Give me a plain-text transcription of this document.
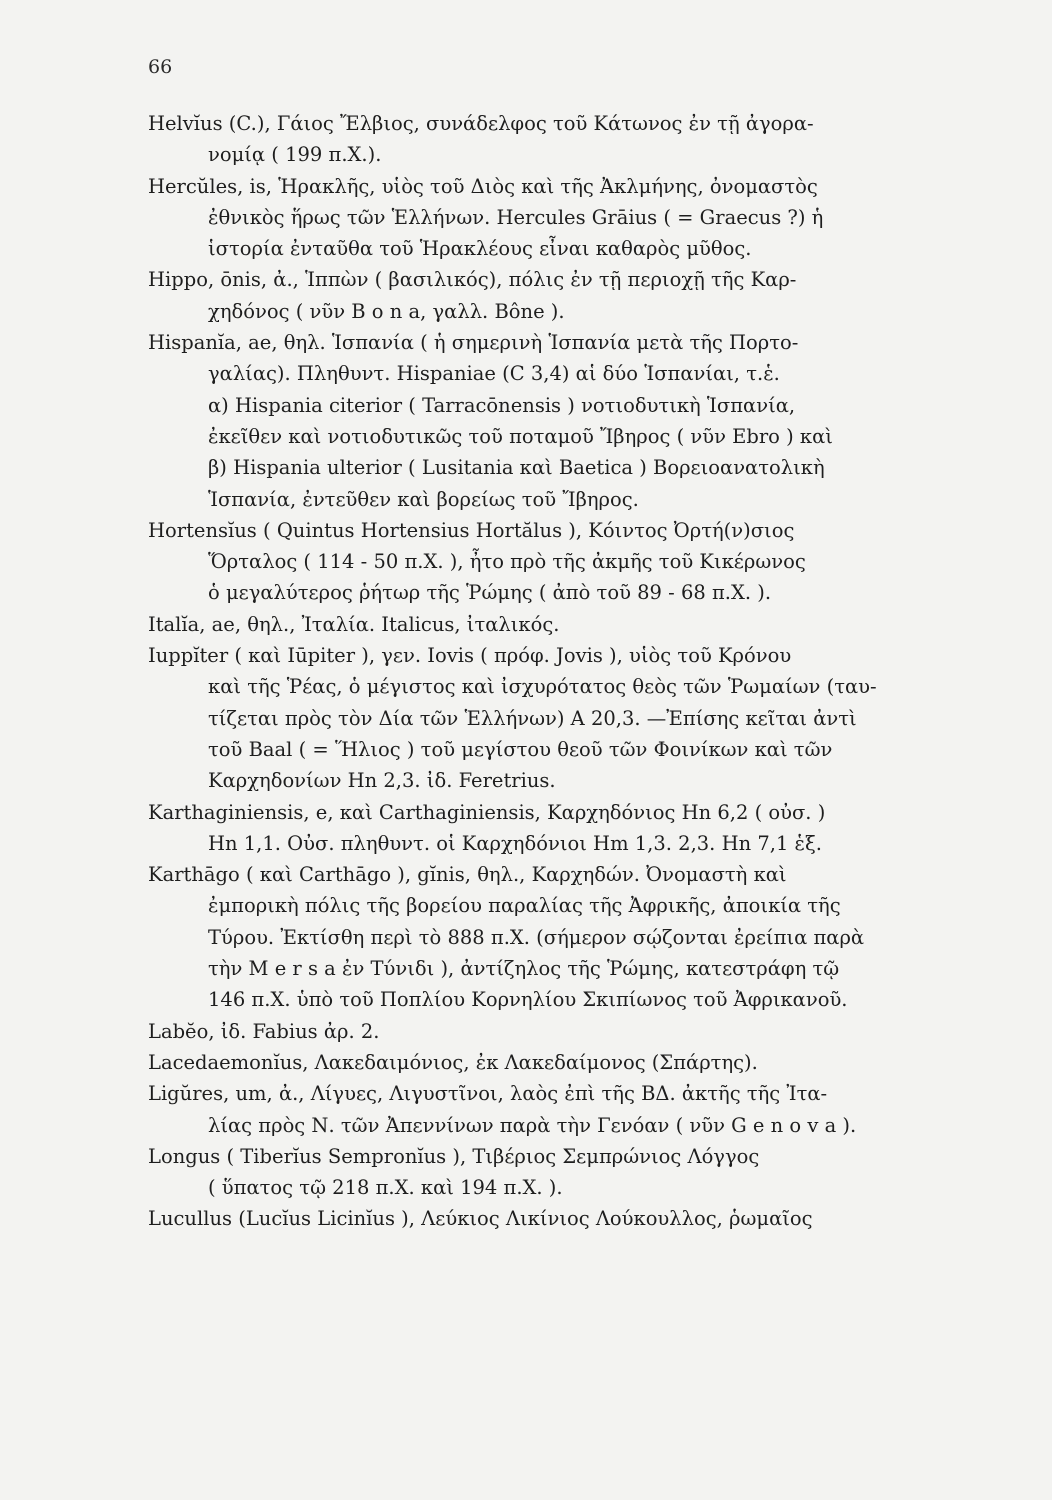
66
Helvĭus (C.), Γάιος Ἔλβιος, συνάδελφος τοῦ Κάτωνος ἐν τῇ ἀγορα-
νομίᾳ ( 199 π.Χ.).
Hercŭles, is, Ἡρακλῆς, υἱὸς τοῦ Διὸς καὶ τῆς Ἀκλμήνης, ὀνομαστὸς
ἐθνικὸς ἥρως τῶν Ἑλλήνων. Hercules Grāius ( = Graecus ?) ἡ
ἱστορία ἐνταῦθα τοῦ Ἡρακλέους εἶναι καθαρὸς μῦθος.
Hippo, ōnis, ἀ., Ἱππὼν ( βασιλικός), πόλις ἐν τῇ περιοχῇ τῆς Καρ-
χηδόνος ( νῦν B o n a, γαλλ. Bône ).
Hispanĭa, ae, θηλ. Ἱσπανία ( ἡ σημερινὴ Ἱσπανία μετὰ τῆς Πορτο-
γαλίας). Πληθυντ. Hispaniae (C 3,4) αἱ δύο Ἱσπανίαι, τ.ἑ.
α) Hispania citerior ( Tarracōnensis ) νοτιοδυτικὴ Ἱσπανία,
ἐκεῖθεν καὶ νοτιοδυτικῶς τοῦ ποταμοῦ Ἴβηρος ( νῦν Ebro ) καὶ
β) Hispania ulterior ( Lusitania καὶ Baetica ) Βορειοανατολικὴ
Ἱσπανία, ἐντεῦθεν καὶ βορείως τοῦ Ἴβηρος.
Hortensĭus ( Quintus Hortensius Hortălus ), Κόιντος Ὀρτή(ν)σιος
Ὅρταλος ( 114 - 50 π.Χ. ), ἦτο πρὸ τῆς ἀκμῆς τοῦ Κικέρωνος
ὁ μεγαλύτερος ῥήτωρ τῆς Ῥώμης ( ἀπὸ τοῦ 89 - 68 π.Χ. ).
Italĭa, ae, θηλ., Ἰταλία. Italicus, ἰταλικός.
Iuppĭter ( καὶ Iūpiter ), γεν. Iovis ( πρόφ. Jovis ), υἱὸς τοῦ Κρόνου
καὶ τῆς Ῥέας, ὁ μέγιστος καὶ ἰσχυρότατος θεὸς τῶν Ῥωμαίων (ταυ-
τίζεται πρὸς τὸν Δία τῶν Ἑλλήνων) A 20,3. —Ἐπίσης κεῖται ἀντὶ
τοῦ Baal ( = Ἥλιος ) τοῦ μεγίστου θεοῦ τῶν Φοινίκων καὶ τῶν
Καρχηδονίων Hn 2,3. ἰδ. Feretrius.
Karthaginiensis, e, καὶ Carthaginiensis, Καρχηδόνιος Hn 6,2 ( οὐσ. )
Hn 1,1. Οὐσ. πληθυντ. οἱ Καρχηδόνιοι Hm 1,3. 2,3. Hn 7,1 ἑξ.
Karthāgo ( καὶ Carthāgo ), gĭnis, θηλ., Καρχηδών. Ὀνομαστὴ καὶ
ἐμπορικὴ πόλις τῆς βορείου παραλίας τῆς Ἀφρικῆς, ἀποικία τῆς
Τύρου. Ἐκτίσθη περὶ τὸ 888 π.Χ. (σήμερον σῴζονται ἐρείπια παρὰ
τὴν M e r s a ἐν Τύνιδι ), ἀντίζηλος τῆς Ῥώμης, κατεστράφη τῷ
146 π.Χ. ὑπὸ τοῦ Ποπλίου Κορνηλίου Σκιπίωνος τοῦ Ἀφρικανοῦ.
Labĕo, ἰδ. Fabius ἀρ. 2.
Lacedaemonĭus, Λακεδαιμόνιος, ἐκ Λακεδαίμονος (Σπάρτης).
Ligŭres, um, ἀ., Λίγυες, Λιγυστῖνοι, λαὸς ἐπὶ τῆς ΒΔ. ἀκτῆς τῆς Ἰτα-
λίας πρὸς Ν. τῶν Ἀπεννίνων παρὰ τὴν Γενόαν ( νῦν G e n o v a ).
Longus ( Tiberĭus Sempronĭus ), Τιβέριος Σεμπρώνιος Λόγγος
( ὕπατος τῷ 218 π.Χ. καὶ 194 π.Χ. ).
Lucullus (Lucĭus Licinĭus ), Λεύκιος Λικίνιος Λούκουλλος, ῥωμαῖος
